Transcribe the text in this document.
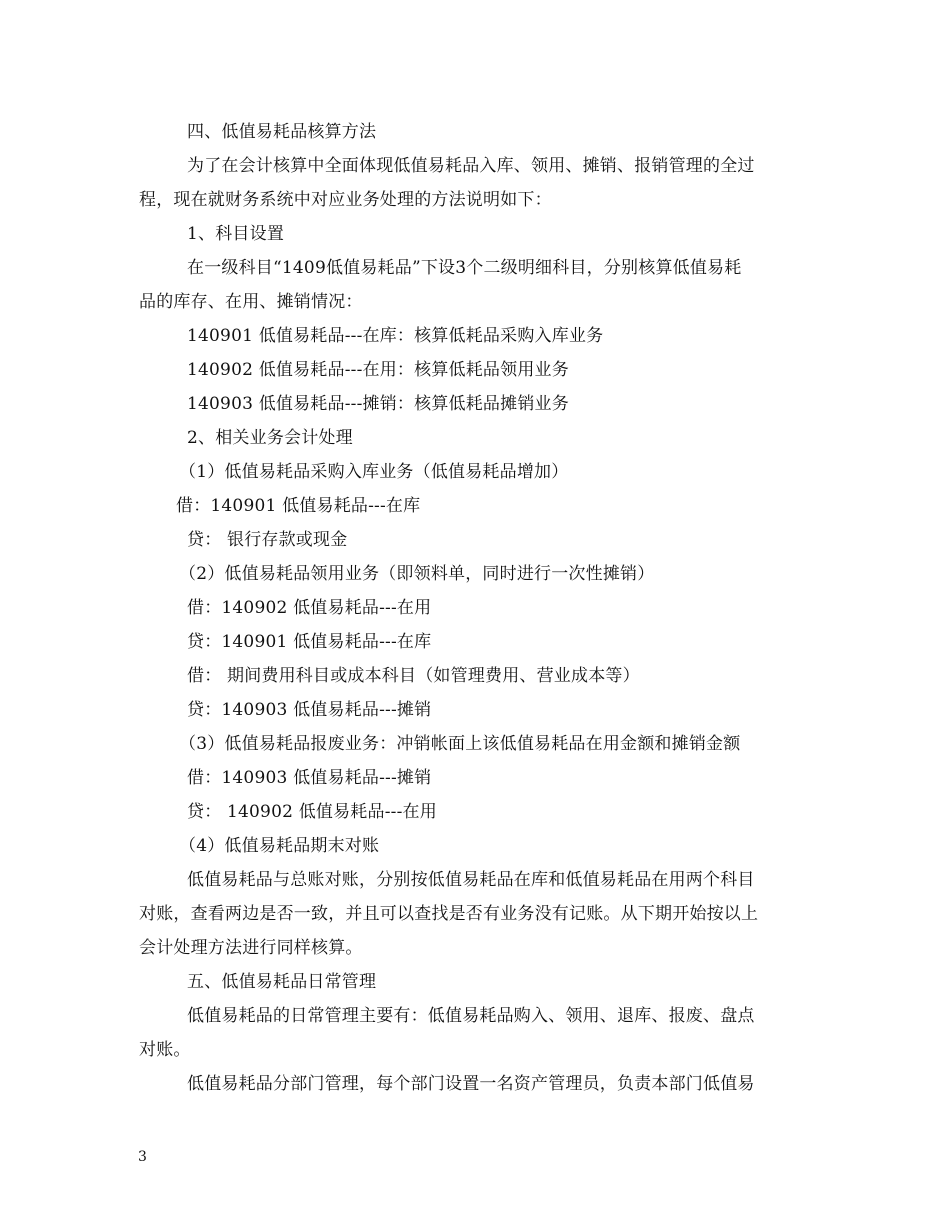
四、低值易耗品核算方法
为了在会计核算中全面体现低值易耗品入库、领用、摊销、报销管理的全过
程，现在就财务系统中对应业务处理的方法说明如下：
1、科目设置
在一级科目“1409低值易耗品”下设3个二级明细科目，分别核算低值易耗
品的库存、在用、摊销情况：
140901 低值易耗品---在库：核算低耗品采购入库业务
140902 低值易耗品---在用：核算低耗品领用业务
140903 低值易耗品---摊销：核算低耗品摊销业务
2、相关业务会计处理
（1）低值易耗品采购入库业务（低值易耗品增加）
借：140901 低值易耗品---在库
贷： 银行存款或现金
（2）低值易耗品领用业务（即领料单，同时进行一次性摊销）
借：140902 低值易耗品---在用
贷：140901 低值易耗品---在库
借： 期间费用科目或成本科目（如管理费用、营业成本等）
贷：140903 低值易耗品---摊销
（3）低值易耗品报废业务：冲销帐面上该低值易耗品在用金额和摊销金额
借：140903 低值易耗品---摊销
贷： 140902 低值易耗品---在用
（4）低值易耗品期末对账
低值易耗品与总账对账，分别按低值易耗品在库和低值易耗品在用两个科目
对账，查看两边是否一致，并且可以查找是否有业务没有记账。从下期开始按以上
会计处理方法进行同样核算。
五、低值易耗品日常管理
低值易耗品的日常管理主要有：低值易耗品购入、领用、退库、报废、盘点
对账。
低值易耗品分部门管理，每个部门设置一名资产管理员，负责本部门低值易
3
